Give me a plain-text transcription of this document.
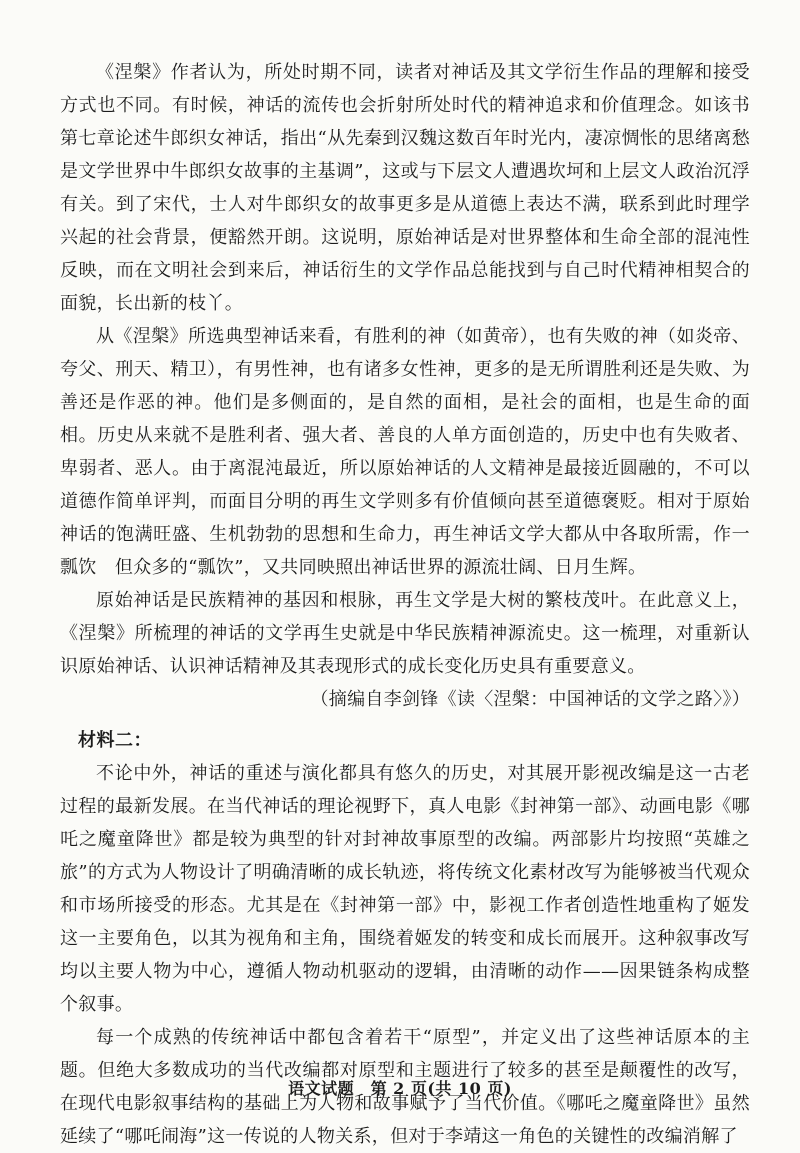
《涅槃》作者认为，所处时期不同，读者对神话及其文学衍生作品的理解和接受方式也不同。有时候，神话的流传也会折射所处时代的精神追求和价值理念。如该书第七章论述牛郎织女神话，指出“从先秦到汉魏这数百年时光内，凄凉惆怅的思绪离愁是文学世界中牛郎织女故事的主基调”，这或与下层文人遭遇坎坷和上层文人政治沉浮有关。到了宋代，士人对牛郎织女的故事更多是从道德上表达不满，联系到此时理学兴起的社会背景，便豁然开朗。这说明，原始神话是对世界整体和生命全部的混沌性反映，而在文明社会到来后，神话衍生的文学作品总能找到与自己时代精神相契合的面貌，长出新的枝丫。

从《涅槃》所选典型神话来看，有胜利的神（如黄帝），也有失败的神（如炎帝、夸父、刑天、精卫），有男性神，也有诸多女性神，更多的是无所谓胜利还是失败、为善还是作恶的神。他们是多侧面的，是自然的面相，是社会的面相，也是生命的面相。历史从来就不是胜利者、强大者、善良的人单方面创造的，历史中也有失败者、卑弱者、恶人。由于离混沌最近，所以原始神话的人文精神是最接近圆融的，不可以道德作简单评判，而面目分明的再生文学则多有价值倾向甚至道德褒贬。相对于原始神话的饱满旺盛、生机勃勃的思想和生命力，再生神话文学大都从中各取所需，作一瓢饮　但众多的“瓢饮”，又共同映照出神话世界的源流壮阔、日月生辉。

原始神话是民族精神的基因和根脉，再生文学是大树的繁枝茂叶。在此意义上，《涅槃》所梳理的神话的文学再生史就是中华民族精神源流史。这一梳理，对重新认识原始神话、认识神话精神及其表现形式的成长变化历史具有重要意义。

（摘编自李剑锋《读〈涅槃：中国神话的文学之路〉》）

材料二：

不论中外，神话的重述与演化都具有悠久的历史，对其展开影视改编是这一古老过程的最新发展。在当代神话的理论视野下，真人电影《封神第一部》、动画电影《哪吒之魔童降世》都是较为典型的针对封神故事原型的改编。两部影片均按照“英雄之旅”的方式为人物设计了明确清晰的成长轨迹，将传统文化素材改写为能够被当代观众和市场所接受的形态。尤其是在《封神第一部》中，影视工作者创造性地重构了姬发这一主要角色，以其为视角和主角，围绕着姬发的转变和成长而展开。这种叙事改写均以主要人物为中心，遵循人物动机驱动的逻辑，由清晰的动作——因果链条构成整个叙事。

每一个成熟的传统神话中都包含着若干“原型”，并定义出了这些神话原本的主题。但绝大多数成功的当代改编都对原型和主题进行了较多的甚至是颠覆性的改写，在现代电影叙事结构的基础上为人物和故事赋予了当代价值。《哪吒之魔童降世》虽然延续了“哪吒闹海”这一传说的人物关系，但对于李靖这一角色的关键性的改编消解了

语文试题　第 2 页(共 10 页)
